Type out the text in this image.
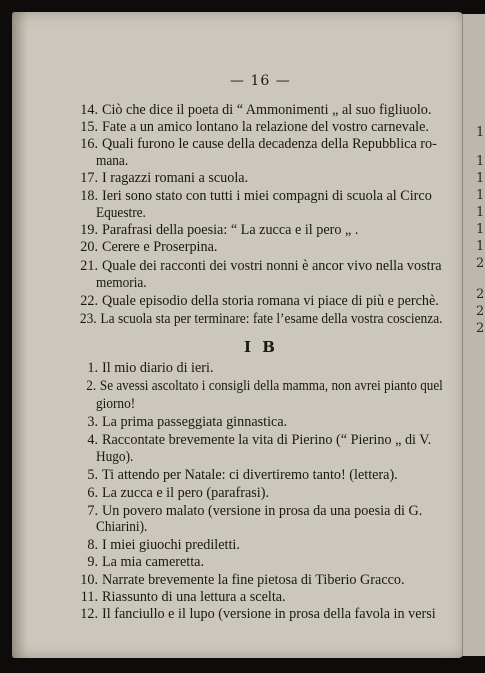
1
1
1
1
1
1
1
2
2
2
2
— 16 —
14. Ciò che dice il poeta di “ Ammonimenti „ al suo figliuolo.
15. Fate a un amico lontano la relazione del vostro carnevale.
16. Quali furono le cause della decadenza della Repubblica ro-
mana.
17. I ragazzi romani a scuola.
18. Ieri sono stato con tutti i miei compagni di scuola al Circo
Equestre.
19. Parafrasi della poesia: “ La zucca e il pero „ .
20. Cerere e Proserpina.
21. Quale dei racconti dei vostri nonni è ancor vivo nella vostra
memoria.
22. Quale episodio della storia romana vi piace di più e perchè.
23. La scuola sta per terminare: fate l’esame della vostra coscienza.
I B
1. Il mio diario di ieri.
2. Se avessi ascoltato i consigli della mamma, non avrei pianto quel
giorno!
3. La prima passeggiata ginnastica.
4. Raccontate brevemente la vita di Pierino (“ Pierino „ di V.
Hugo).
5. Ti attendo per Natale: ci divertiremo tanto! (lettera).
6. La zucca e il pero (parafrasi).
7. Un povero malato (versione in prosa da una poesia di G.
Chiarini).
8. I miei giuochi prediletti.
9. La mia cameretta.
10. Narrate brevemente la fine pietosa di Tiberio Gracco.
11. Riassunto di una lettura a scelta.
12. Il fanciullo e il lupo (versione in prosa della favola in versi
